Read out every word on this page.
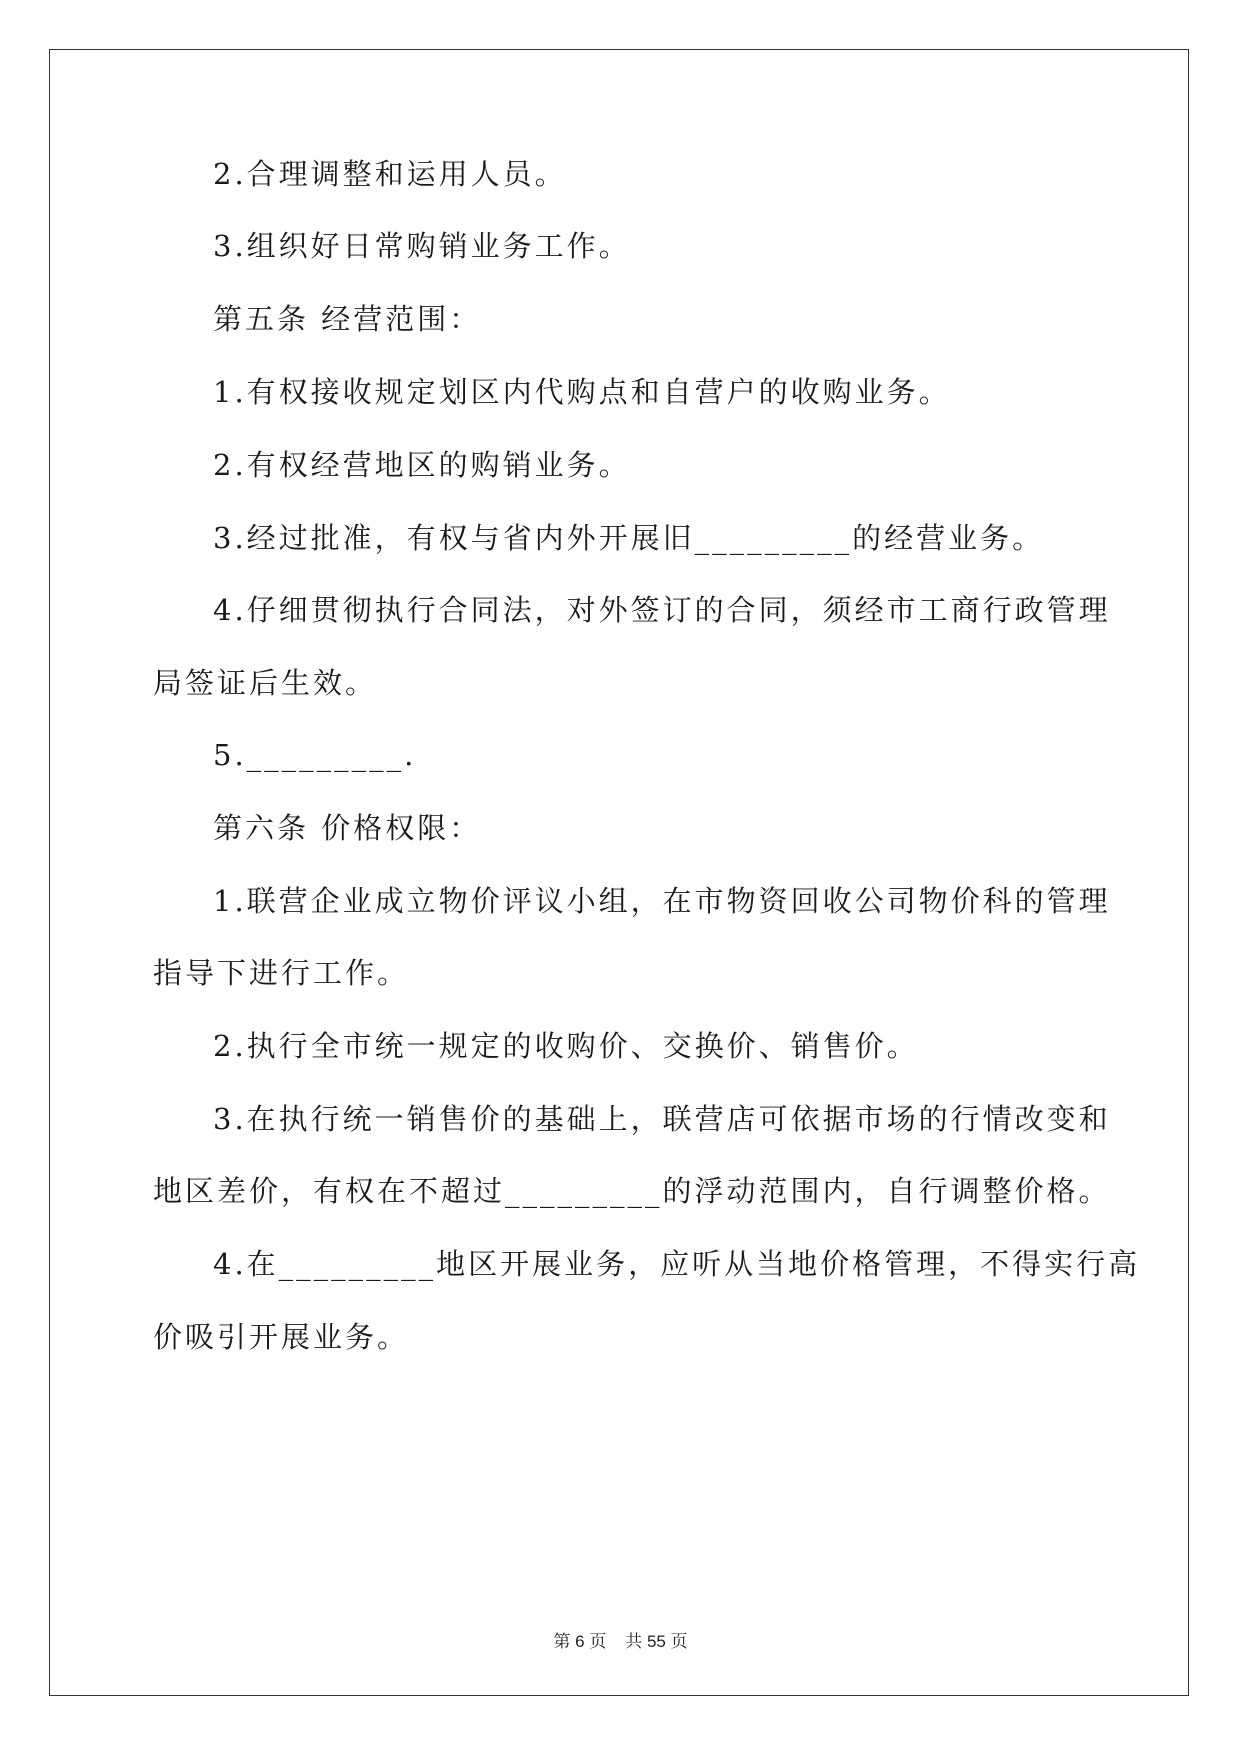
2.合理调整和运用人员。
3.组织好日常购销业务工作。
第五条 经营范围：
1.有权接收规定划区内代购点和自营户的收购业务。
2.有权经营地区的购销业务。
3.经过批准，有权与省内外开展旧_________的经营业务。
4.仔细贯彻执行合同法，对外签订的合同，须经市工商行政管理
局签证后生效。
5._________.
第六条 价格权限：
1.联营企业成立物价评议小组，在市物资回收公司物价科的管理
指导下进行工作。
2.执行全市统一规定的收购价、交换价、销售价。
3.在执行统一销售价的基础上，联营店可依据市场的行情改变和
地区差价，有权在不超过_________的浮动范围内，自行调整价格。
4.在_________地区开展业务，应听从当地价格管理，不得实行高
价吸引开展业务。
第 6 页    共 55 页
